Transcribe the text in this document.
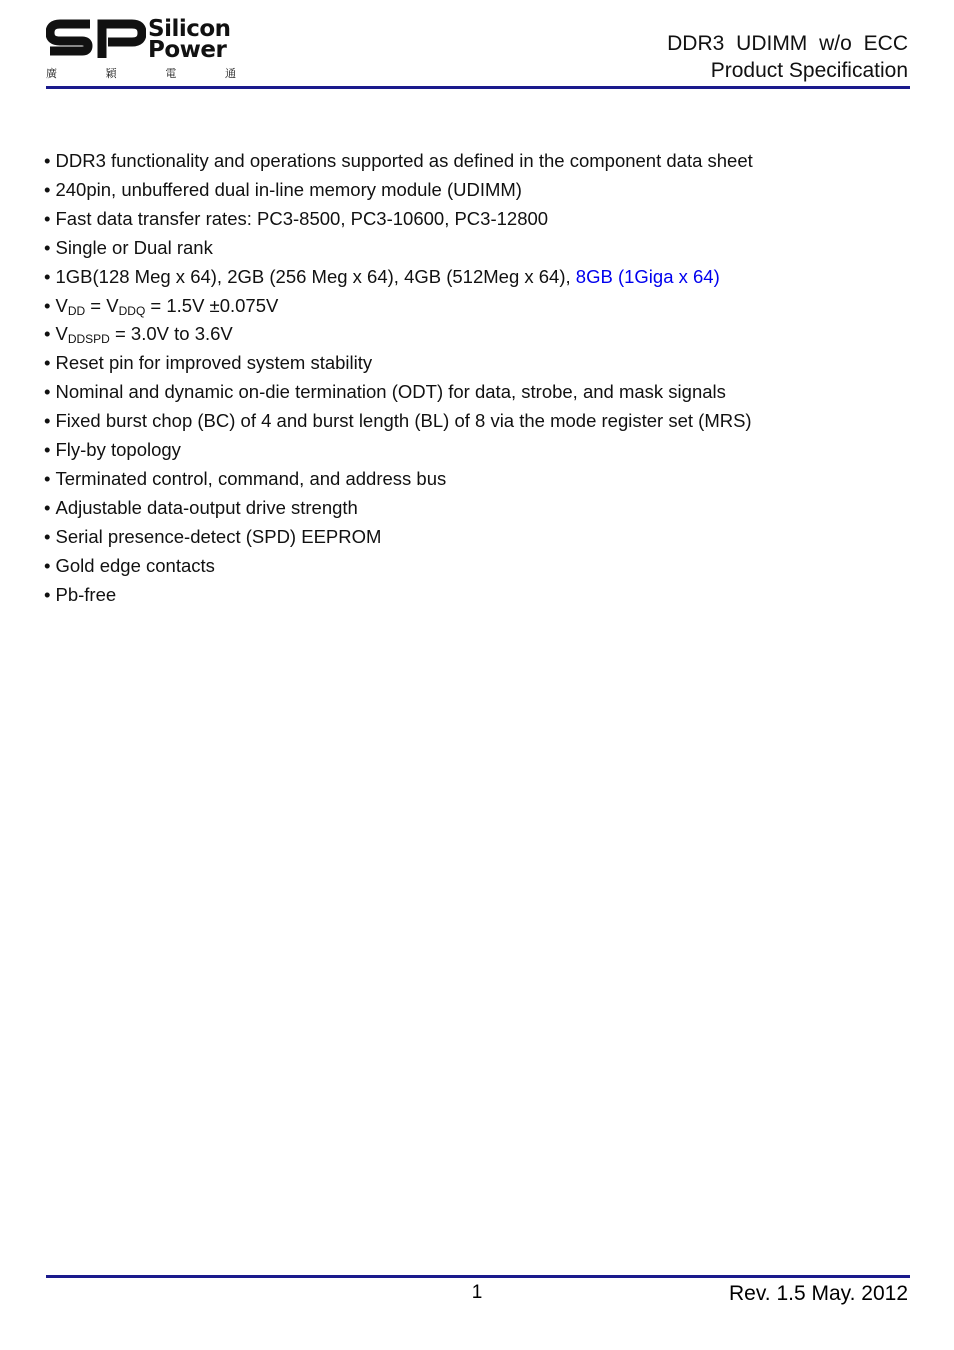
Silicon
Power
廣	穎	電	通
DDR3 UDIMM w/o ECC
Product Specification
• DDR3 functionality and operations supported as defined in the component data sheet
• 240pin, unbuffered dual in-line memory module (UDIMM)
• Fast data transfer rates: PC3-8500, PC3-10600, PC3-12800
• Single or Dual rank
• 1GB(128 Meg x 64), 2GB (256 Meg x 64), 4GB (512Meg x 64), 8GB (1Giga x 64)
• $V_{DD} = V_{DDQ} = 1.5V \pm 0.075V$
• $V_{DDSPD} = 3.0V$ to 3.6V
• Reset pin for improved system stability
• Nominal and dynamic on-die termination (ODT) for data, strobe, and mask signals
• Fixed burst chop (BC) of 4 and burst length (BL) of 8 via the mode register set (MRS)
• Fly-by topology
• Terminated control, command, and address bus
• Adjustable data-output drive strength
• Serial presence-detect (SPD) EEPROM
• Gold edge contacts
• Pb-free
1	Rev. 1.5 May. 2012
